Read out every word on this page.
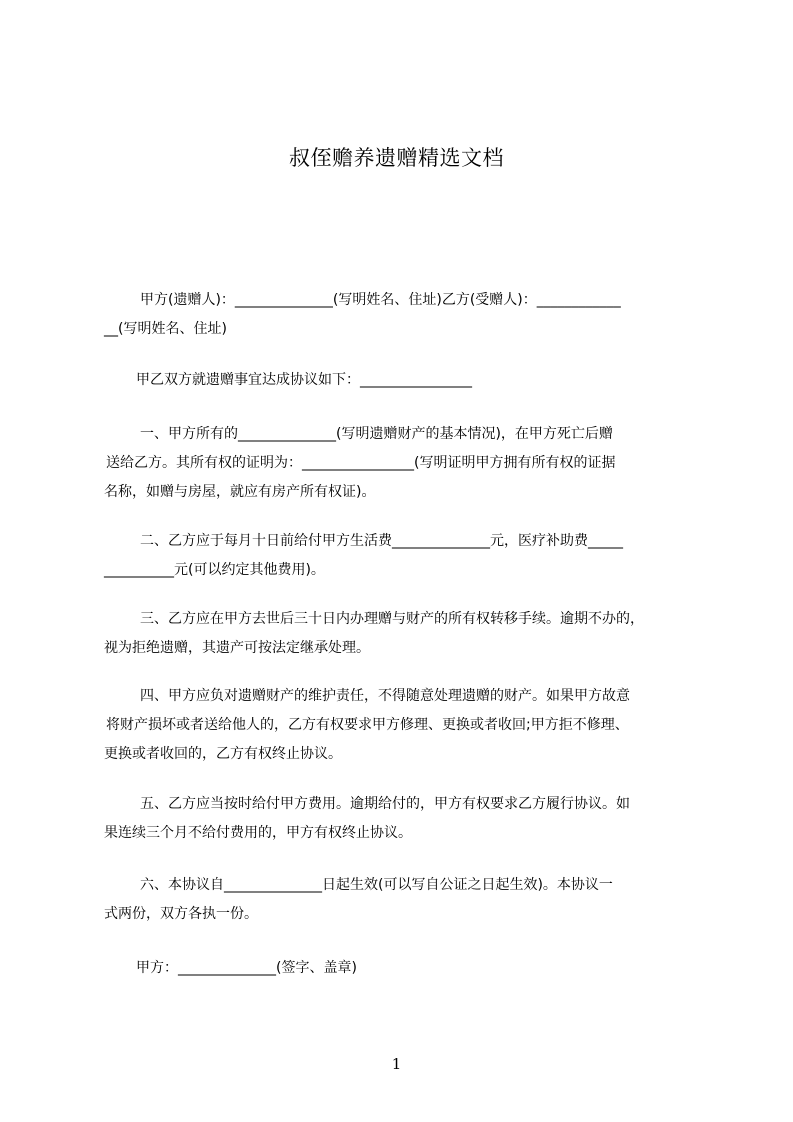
叔侄赡养遗赠精选文档
甲方(遗赠人)：______________(写明姓名、住址)乙方(受赠人)：____________
__(写明姓名、住址)
甲乙双方就遗赠事宜达成协议如下：________________
一、甲方所有的______________(写明遗赠财产的基本情况)，在甲方死亡后赠
送给乙方。其所有权的证明为：________________(写明证明甲方拥有所有权的证据
名称，如赠与房屋，就应有房产所有权证)。
二、乙方应于每月十日前给付甲方生活费______________元，医疗补助费_____
__________元(可以约定其他费用)。
三、乙方应在甲方去世后三十日内办理赠与财产的所有权转移手续。逾期不办的，
视为拒绝遗赠，其遗产可按法定继承处理。
四、甲方应负对遗赠财产的维护责任，不得随意处理遗赠的财产。如果甲方故意
将财产损坏或者送给他人的，乙方有权要求甲方修理、更换或者收回;甲方拒不修理、
更换或者收回的，乙方有权终止协议。
五、乙方应当按时给付甲方费用。逾期给付的，甲方有权要求乙方履行协议。如
果连续三个月不给付费用的，甲方有权终止协议。
六、本协议自______________日起生效(可以写自公证之日起生效)。本协议一
式两份，双方各执一份。
甲方：______________(签字、盖章)
1
